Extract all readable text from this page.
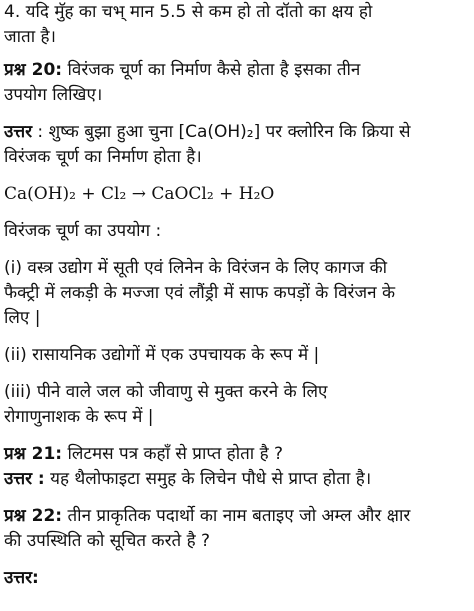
4. यदि मुॅह का चभ् मान 5.5 से कम हो तो दॉतो का क्षय हो
जाता है।
प्रश्न 20: विरंजक चूर्ण का निर्माण कैसे होता है इसका तीन
उपयोग लिखिए।
उत्तर : शुष्क बुझा हुआ चुना [Ca(OH)₂] पर क्लोरिन कि क्रिया से
विरंजक चूर्ण का निर्माण होता है।
Ca(OH)₂ + Cl₂ → CaOCl₂ + H₂O
विरंजक चूर्ण का उपयोग :
(i) वस्त्र उद्योग में सूती एवं लिनेन के विरंजन के लिए कागज की
फैक्ट्री में लकड़ी के मज्जा एवं लौंड्री में साफ कपड़ों के विरंजन के
लिए |
(ii) रासायनिक उद्योगों में एक उपचायक के रूप में |
(iii) पीने वाले जल को जीवाणु से मुक्त करने के लिए
रोगाणुनाशक के रूप में |
प्रश्न 21: लिटमस पत्र कहाँ से प्राप्त होता है ?
उत्तर : यह थैलोफाइटा समुह के लिचेन पौधे से प्राप्त होता है।
प्रश्न 22: तीन प्राकृतिक पदार्थो का नाम बताइए जो अम्ल और क्षार
की उपस्थिति को सूचित करते है ?
उत्तर:
